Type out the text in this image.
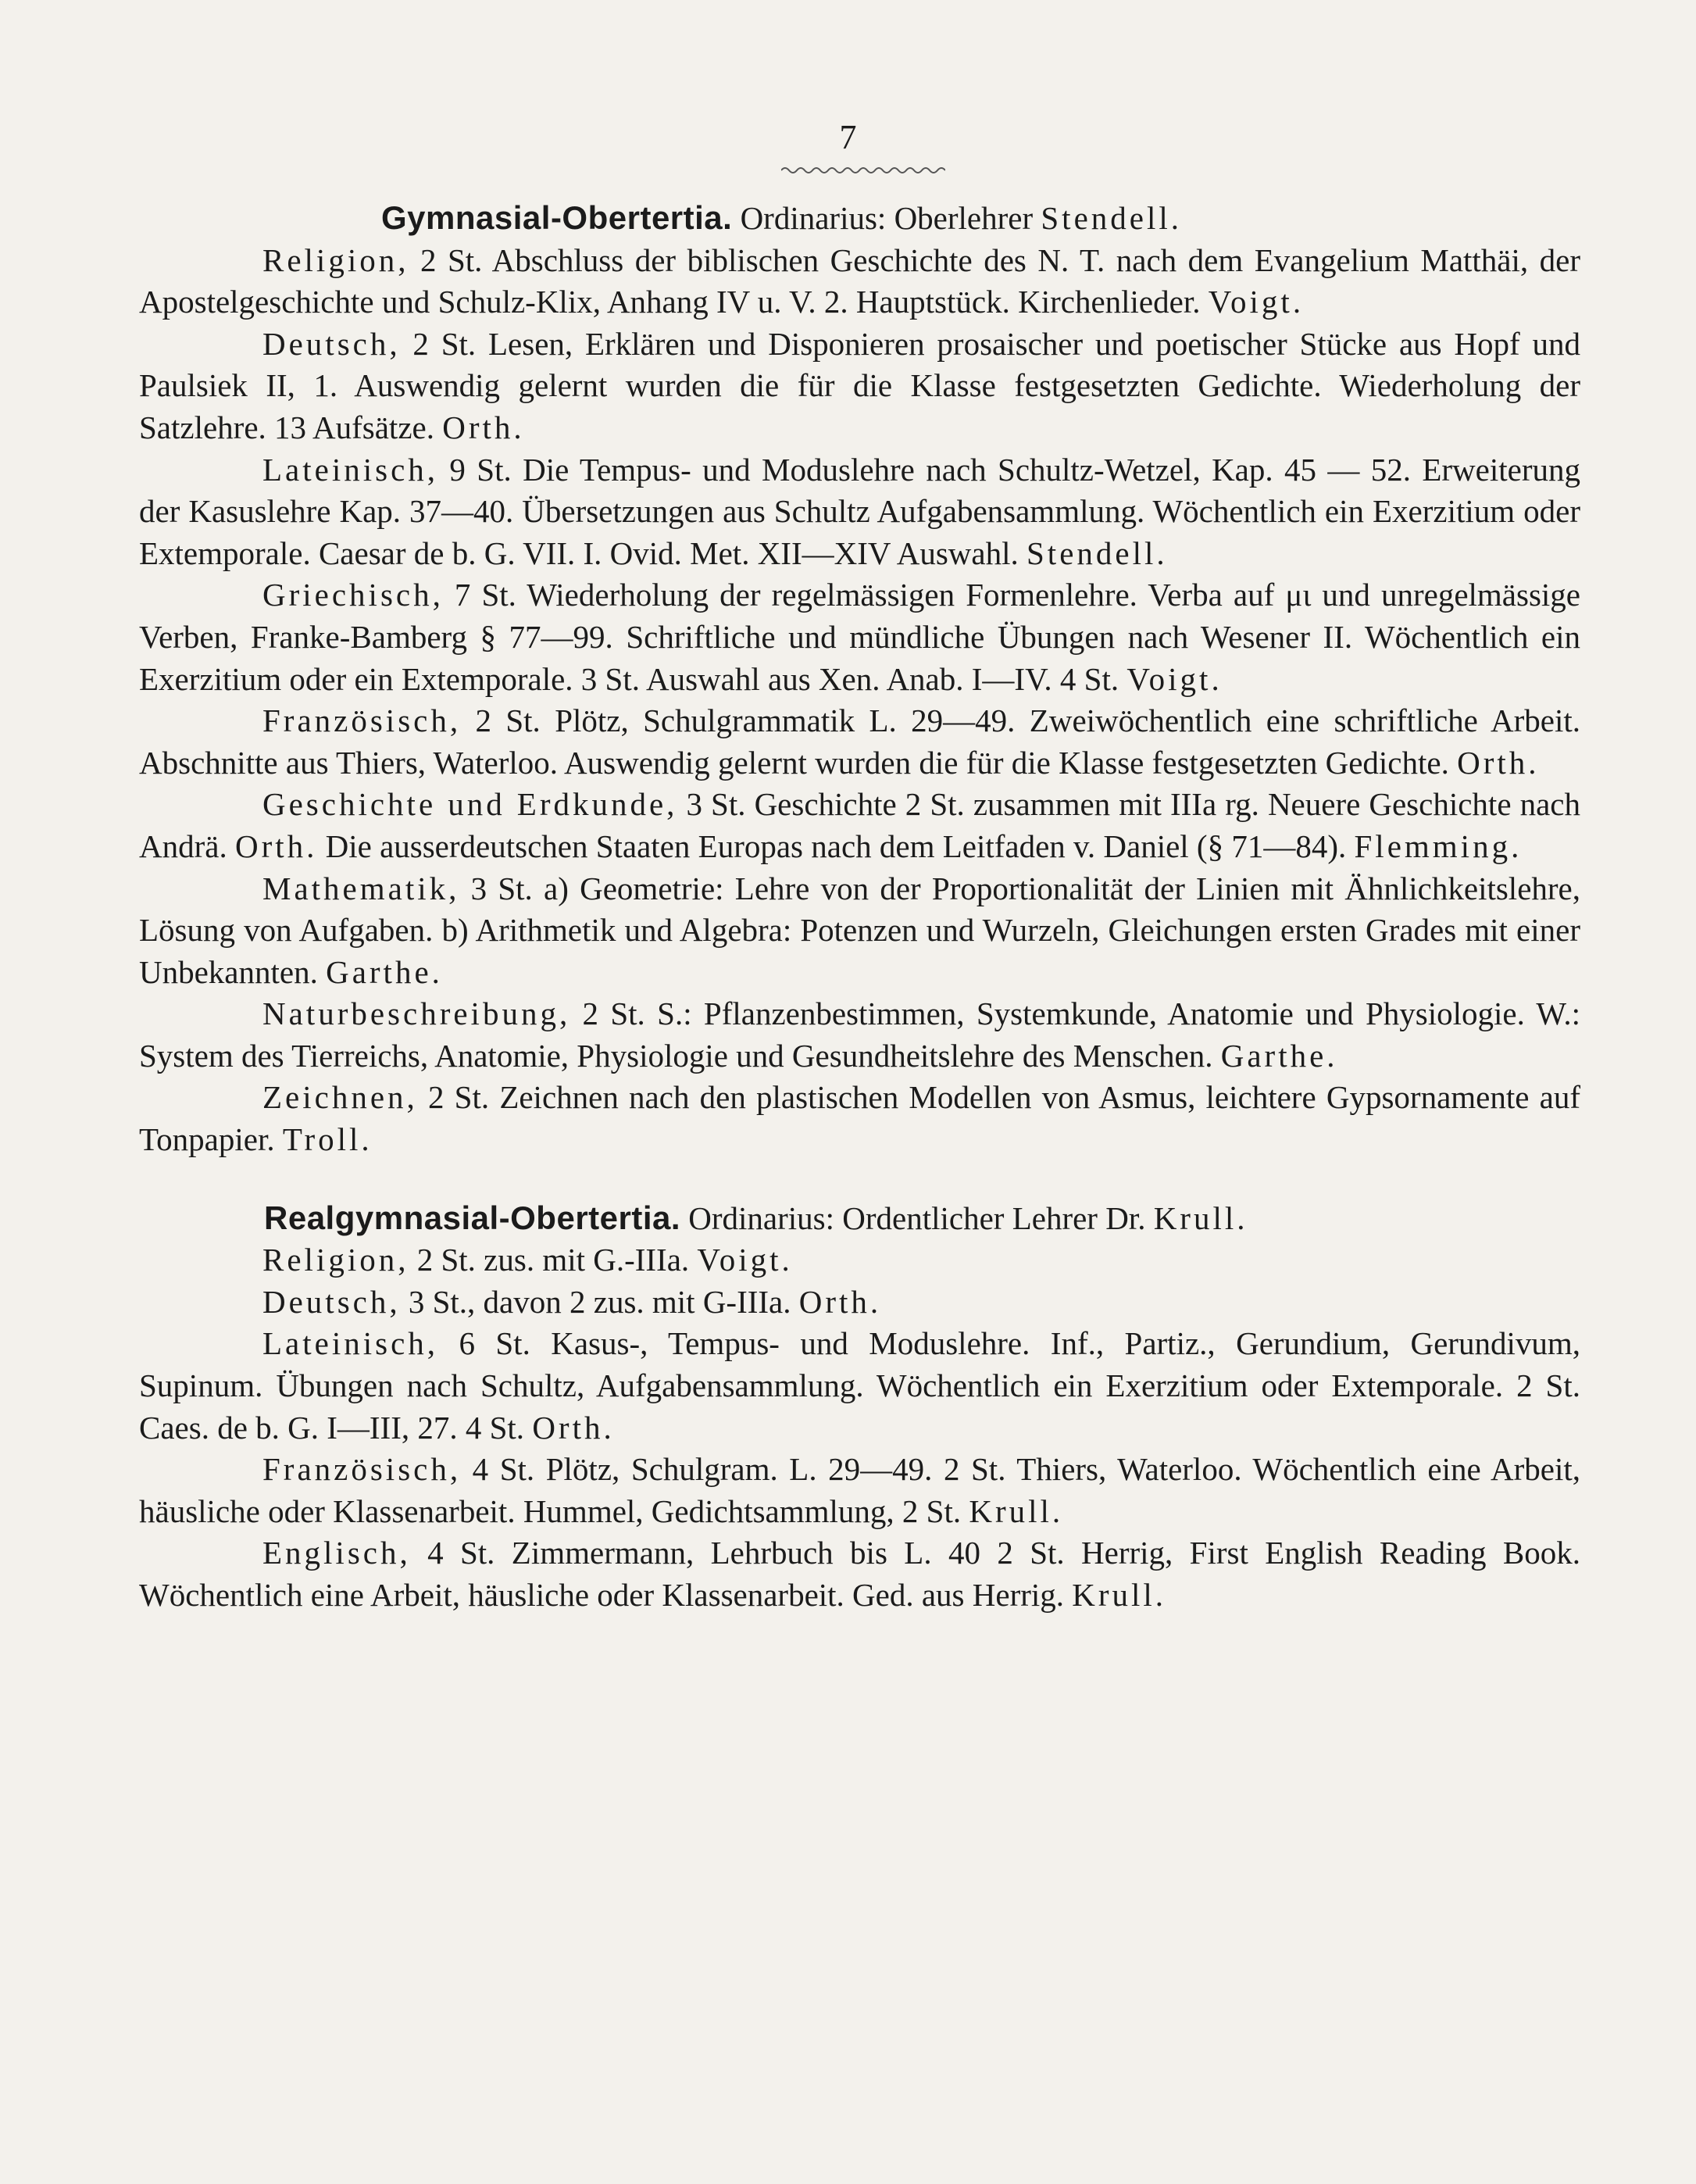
7

Gymnasial-Obertertia. Ordinarius: Oberlehrer Stendell.

Religion, 2 St. Abschluss der biblischen Geschichte des N. T. nach dem Evangelium Matthäi, der Apostelgeschichte und Schulz-Klix, Anhang IV u. V. 2. Hauptstück. Kirchenlieder. Voigt.

Deutsch, 2 St. Lesen, Erklären und Disponieren prosaischer und poetischer Stücke aus Hopf und Paulsiek II, 1. Auswendig gelernt wurden die für die Klasse festgesetzten Gedichte. Wiederholung der Satzlehre. 13 Aufsätze. Orth.

Lateinisch, 9 St. Die Tempus- und Moduslehre nach Schultz-Wetzel, Kap. 45 — 52. Erweiterung der Kasuslehre Kap. 37—40. Übersetzungen aus Schultz Aufgabensammlung. Wöchentlich ein Exerzitium oder Extemporale. Caesar de b. G. VII. I. Ovid. Met. XII—XIV Auswahl. Stendell.

Griechisch, 7 St. Wiederholung der regelmässigen Formenlehre. Verba auf μι und unregelmässige Verben, Franke-Bamberg § 77—99. Schriftliche und mündliche Übungen nach Wesener II. Wöchentlich ein Exerzitium oder ein Extemporale. 3 St. Auswahl aus Xen. Anab. I—IV. 4 St. Voigt.

Französisch, 2 St. Plötz, Schulgrammatik L. 29—49. Zweiwöchentlich eine schriftliche Arbeit. Abschnitte aus Thiers, Waterloo. Auswendig gelernt wurden die für die Klasse festgesetzten Gedichte. Orth.

Geschichte und Erdkunde, 3 St. Geschichte 2 St. zusammen mit IIIa rg. Neuere Geschichte nach Andrä. Orth. Die ausserdeutschen Staaten Europas nach dem Leitfaden v. Daniel (§ 71—84). Flemming.

Mathematik, 3 St. a) Geometrie: Lehre von der Proportionalität der Linien mit Ähnlichkeitslehre, Lösung von Aufgaben. b) Arithmetik und Algebra: Potenzen und Wurzeln, Gleichungen ersten Grades mit einer Unbekannten. Garthe.

Naturbeschreibung, 2 St. S.: Pflanzenbestimmen, Systemkunde, Anatomie und Physiologie. W.: System des Tierreichs, Anatomie, Physiologie und Gesundheitslehre des Menschen. Garthe.

Zeichnen, 2 St. Zeichnen nach den plastischen Modellen von Asmus, leichtere Gypsornamente auf Tonpapier. Troll.

Realgymnasial-Obertertia. Ordinarius: Ordentlicher Lehrer Dr. Krull.

Religion, 2 St. zus. mit G.-IIIa. Voigt.

Deutsch, 3 St., davon 2 zus. mit G-IIIa. Orth.

Lateinisch, 6 St. Kasus-, Tempus- und Moduslehre. Inf., Partiz., Gerundium, Gerundivum, Supinum. Übungen nach Schultz, Aufgabensammlung. Wöchentlich ein Exerzitium oder Extemporale. 2 St. Caes. de b. G. I—III, 27. 4 St. Orth.

Französisch, 4 St. Plötz, Schulgram. L. 29—49. 2 St. Thiers, Waterloo. Wöchentlich eine Arbeit, häusliche oder Klassenarbeit. Hummel, Gedichtsammlung, 2 St. Krull.

Englisch, 4 St. Zimmermann, Lehrbuch bis L. 40 2 St. Herrig, First English Reading Book. Wöchentlich eine Arbeit, häusliche oder Klassenarbeit. Ged. aus Herrig. Krull.
